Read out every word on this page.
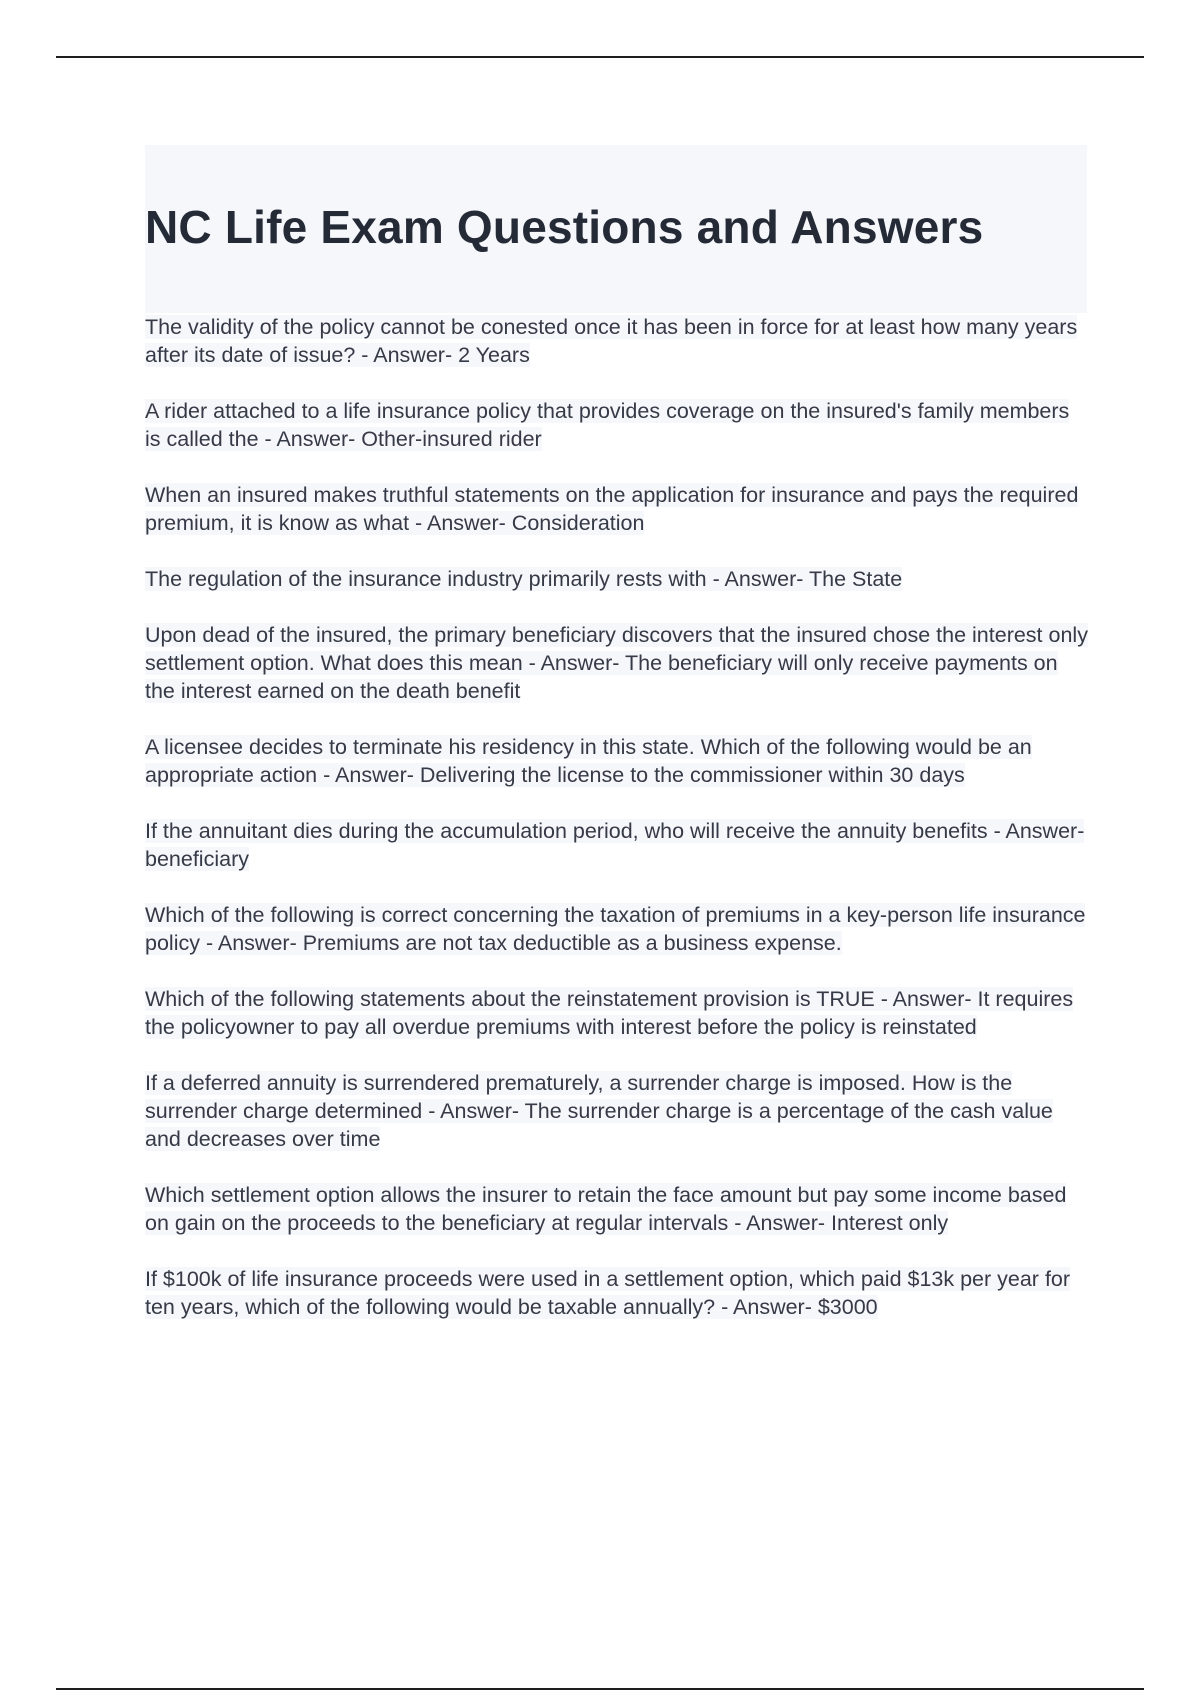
NC Life Exam Questions and Answers
The validity of the policy cannot be conested once it has been in force for at least how many years after its date of issue? - Answer- 2 Years
A rider attached to a life insurance policy that provides coverage on the insured's family members is called the - Answer- Other-insured rider
When an insured makes truthful statements on the application for insurance and pays the required premium, it is know as what - Answer- Consideration
The regulation of the insurance industry primarily rests with - Answer- The State
Upon dead of the insured, the primary beneficiary discovers that the insured chose the interest only settlement option. What does this mean - Answer- The beneficiary will only receive payments on the interest earned on the death benefit
A licensee decides to terminate his residency in this state. Which of the following would be an appropriate action - Answer- Delivering the license to the commissioner within 30 days
If the annuitant dies during the accumulation period, who will receive the annuity benefits - Answer- beneficiary
Which of the following is correct concerning the taxation of premiums in a key-person life insurance policy - Answer- Premiums are not tax deductible as a business expense.
Which of the following statements about the reinstatement provision is TRUE - Answer- It requires the policyowner to pay all overdue premiums with interest before the policy is reinstated
If a deferred annuity is surrendered prematurely, a surrender charge is imposed. How is the surrender charge determined - Answer- The surrender charge is a percentage of the cash value and decreases over time
Which settlement option allows the insurer to retain the face amount but pay some income based on gain on the proceeds to the beneficiary at regular intervals - Answer- Interest only
If $100k of life insurance proceeds were used in a settlement option, which paid $13k per year for ten years, which of the following would be taxable annually? - Answer- $3000
